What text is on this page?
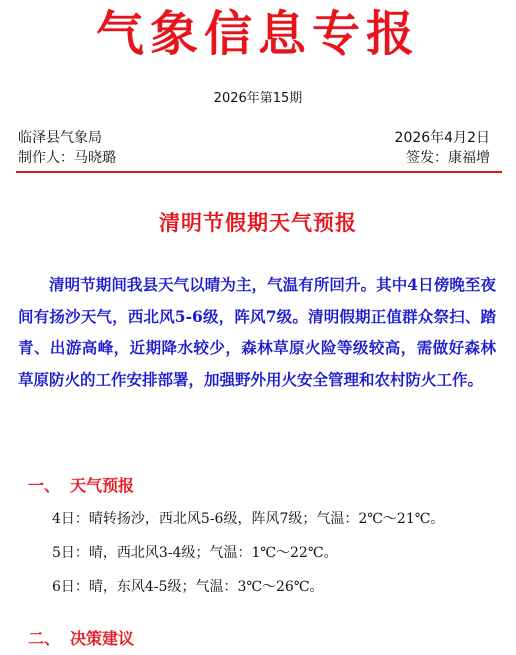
气象信息专报
2026年第15期
临泽县气象局	2026年4月2日
制作人：马晓璐	签发：康福增
清明节假期天气预报

清明节期间我县天气以晴为主，气温有所回升。其中4日傍晚至夜间有扬沙天气，西北风5-6级，阵风7级。清明假期正值群众祭扫、踏青、出游高峰，近期降水较少，森林草原火险等级较高，需做好森林草原防火的工作安排部署，加强野外用火安全管理和农村防火工作。

一、 天气预报
4日：晴转扬沙，西北风5-6级，阵风7级；气温：2℃～21℃。
5日：晴，西北风3-4级；气温：1℃～22℃。
6日：晴，东风4-5级；气温：3℃～26℃。
二、 决策建议
